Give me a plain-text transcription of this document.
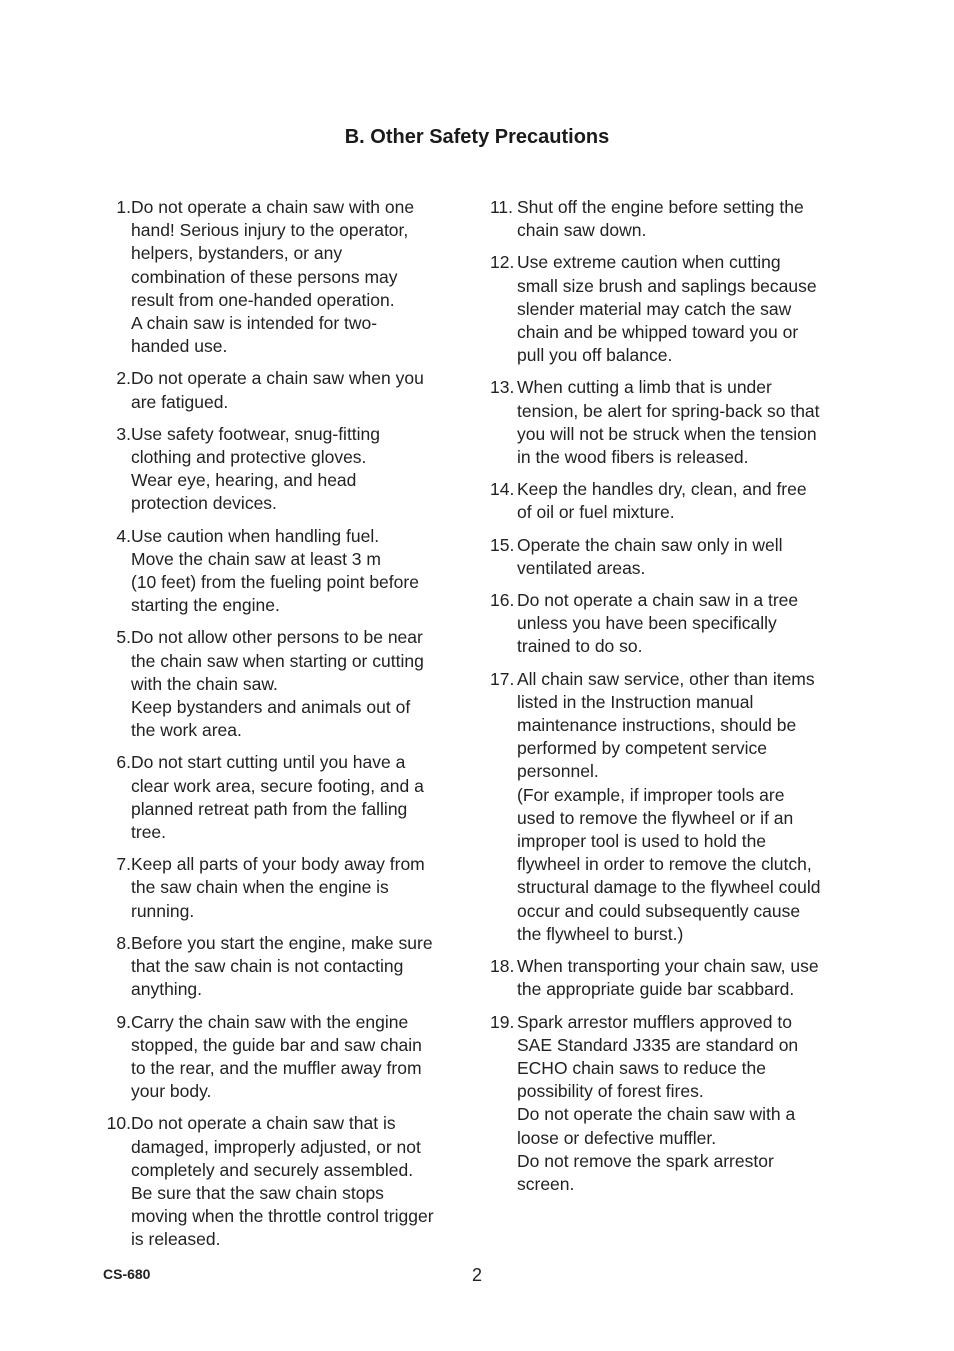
B. Other Safety Precautions
1. Do not operate a chain saw with one
hand! Serious injury to the operator,
helpers, bystanders, or any
combination of these persons may
result from one-handed operation.
A chain saw is intended for two-
handed use.
2. Do not operate a chain saw when you
are fatigued.
3. Use safety footwear, snug-fitting
clothing and protective gloves.
Wear eye, hearing, and head
protection devices.
4. Use caution when handling fuel.
Move the chain saw at least 3 m
(10 feet) from the fueling point before
starting the engine.
5. Do not allow other persons to be near
the chain saw when starting or cutting
with the chain saw.
Keep bystanders and animals out of
the work area.
6. Do not start cutting until you have a
clear work area, secure footing, and a
planned retreat path from the falling
tree.
7. Keep all parts of your body away from
the saw chain when the engine is
running.
8. Before you start the engine, make sure
that the saw chain is not contacting
anything.
9. Carry the chain saw with the engine
stopped, the guide bar and saw chain
to the rear, and the muffler away from
your body.
10. Do not operate a chain saw that is
damaged, improperly adjusted, or not
completely and securely assembled.
Be sure that the saw chain stops
moving when the throttle control trigger
is released.
11. Shut off the engine before setting the
chain saw down.
12. Use extreme caution when cutting
small size brush and saplings because
slender material may catch the saw
chain and be whipped toward you or
pull you off balance.
13. When cutting a limb that is under
tension, be alert for spring-back so that
you will not be struck when the tension
in the wood fibers is released.
14. Keep the handles dry, clean, and free
of oil or fuel mixture.
15. Operate the chain saw only in well
ventilated areas.
16. Do not operate a chain saw in a tree
unless you have been specifically
trained to do so.
17. All chain saw service, other than items
listed in the Instruction manual
maintenance instructions, should be
performed by competent service
personnel.
(For example, if improper tools are
used to remove the flywheel or if an
improper tool is used to hold the
flywheel in order to remove the clutch,
structural damage to the flywheel could
occur and could subsequently cause
the flywheel to burst.)
18. When transporting your chain saw, use
the appropriate guide bar scabbard.
19. Spark arrestor mufflers approved to
SAE Standard J335 are standard on
ECHO chain saws to reduce the
possibility of forest fires.
Do not operate the chain saw with a
loose or defective muffler.
Do not remove the spark arrestor
screen.
CS-680	2
